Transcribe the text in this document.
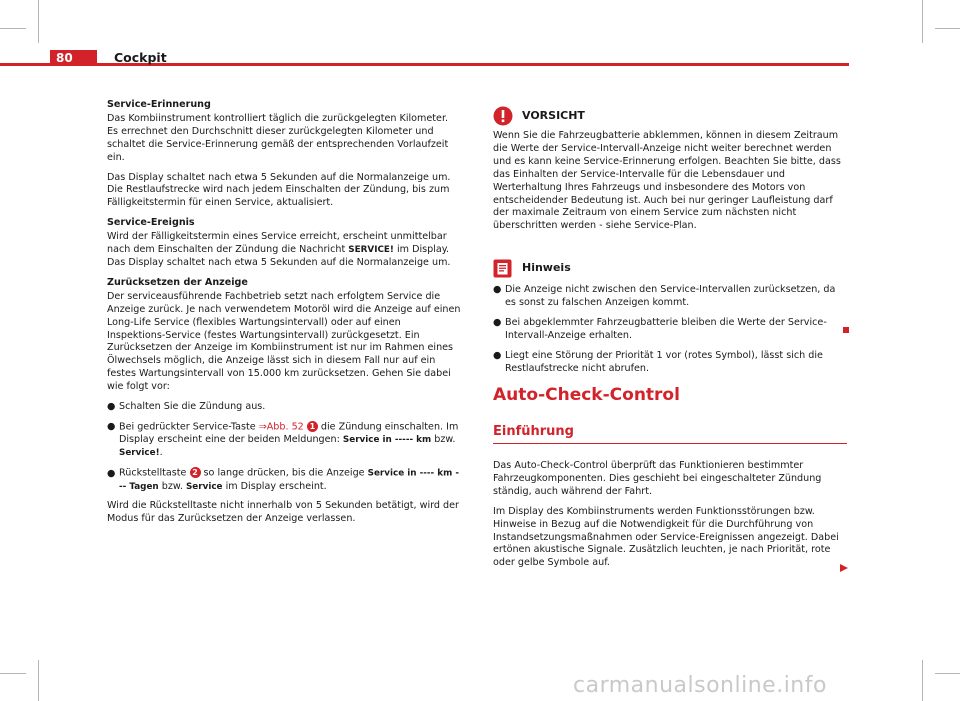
80	Cockpit

Service-Erinnerung

Das Kombiinstrument kontrolliert täglich die zurückgelegten Kilometer. Es errechnet den Durchschnitt dieser zurückgelegten Kilometer und schaltet die Service-Erinnerung gemäß der entsprechenden Vorlaufzeit ein.

Das Display schaltet nach etwa 5 Sekunden auf die Normalanzeige um. Die Restlaufstrecke wird nach jedem Einschalten der Zündung, bis zum Fälligkeitstermin für einen Service, aktualisiert.

Service-Ereignis

Wird der Fälligkeitstermin eines Service erreicht, erscheint unmittelbar nach dem Einschalten der Zündung die Nachricht SERVICE! im Display. Das Display schaltet nach etwa 5 Sekunden auf die Normalanzeige um.

Zurücksetzen der Anzeige

Der serviceausführende Fachbetrieb setzt nach erfolgtem Service die Anzeige zurück. Je nach verwendetem Motoröl wird die Anzeige auf einen Long-Life Service (flexibles Wartungsintervall) oder auf einen Inspektions-Service (festes Wartungsintervall) zurückgesetzt. Ein Zurücksetzen der Anzeige im Kombiinstrument ist nur im Rahmen eines Ölwechsels möglich, die Anzeige lässt sich in diesem Fall nur auf ein festes Wartungsintervall von 15.000 km zurücksetzen. Gehen Sie dabei wie folgt vor:

● Schalten Sie die Zündung aus.

● Bei gedrückter Service-Taste ⇒Abb. 52 1 die Zündung einschalten. Im Display erscheint eine der beiden Meldungen: Service in ----- km bzw. Service!.

● Rückstelltaste 2 so lange drücken, bis die Anzeige Service in ---- km --- Tagen bzw. Service im Display erscheint.

Wird die Rückstelltaste nicht innerhalb von 5 Sekunden betätigt, wird der Modus für das Zurücksetzen der Anzeige verlassen.

VORSICHT

Wenn Sie die Fahrzeugbatterie abklemmen, können in diesem Zeitraum die Werte der Service-Intervall-Anzeige nicht weiter berechnet werden und es kann keine Service-Erinnerung erfolgen. Beachten Sie bitte, dass das Einhalten der Service-Intervalle für die Lebensdauer und Werterhaltung Ihres Fahrzeugs und insbesondere des Motors von entscheidender Bedeutung ist. Auch bei nur geringer Laufleistung darf der maximale Zeitraum von einem Service zum nächsten nicht überschritten werden - siehe Service-Plan.

Hinweis

● Die Anzeige nicht zwischen den Service-Intervallen zurücksetzen, da es sonst zu falschen Anzeigen kommt.

● Bei abgeklemmter Fahrzeugbatterie bleiben die Werte der Service-Intervall-Anzeige erhalten.

● Liegt eine Störung der Priorität 1 vor (rotes Symbol), lässt sich die Restlaufstrecke nicht abrufen.

Auto-Check-Control
Einführung

Das Auto-Check-Control überprüft das Funktionieren bestimmter Fahrzeugkomponenten. Dies geschieht bei eingeschalteter Zündung ständig, auch während der Fahrt.

Im Display des Kombiinstruments werden Funktionsstörungen bzw. Hinweise in Bezug auf die Notwendigkeit für die Durchführung von Instandsetzungsmaßnahmen oder Service-Ereignissen angezeigt. Dabei ertönen akustische Signale. Zusätzlich leuchten, je nach Priorität, rote oder gelbe Symbole auf.

carmanualsonline.info
